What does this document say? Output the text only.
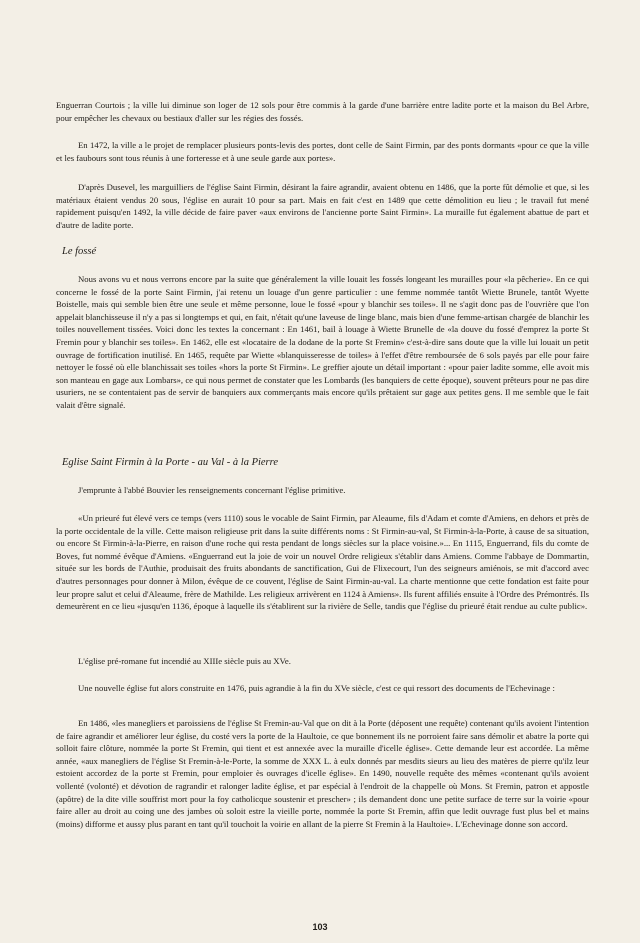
Enguerran Courtois ; la ville lui diminue son loger de 12 sols pour être commis à la garde d'une barrière entre ladite porte et la maison du Bel Arbre, pour empêcher les chevaux ou bestiaux d'aller sur les régies des fossés.

En 1472, la ville a le projet de remplacer plusieurs ponts-levis des portes, dont celle de Saint Firmin, par des ponts dormants «pour ce que la ville et les faubours sont tous réunis à une forteresse et à une seule garde aux portes».

D'après Dusevel, les marguilliers de l'église Saint Firmin, désirant la faire agrandir, avaient obtenu en 1486, que la porte fût démolie et que, si les matériaux étaient vendus 20 sous, l'église en aurait 10 pour sa part. Mais en fait c'est en 1489 que cette démolition eu lieu ; le travail fut mené rapidement puisqu'en 1492, la ville décide de faire paver «aux environs de l'ancienne porte Saint Firmin». La muraille fut également abattue de part et d'autre de ladite porte.

Le fossé

Nous avons vu et nous verrons encore par la suite que généralement la ville louait les fossés longeant les murailles pour «la pêcherie». En ce qui concerne le fossé de la porte Saint Firmin, j'ai retenu un louage d'un genre particulier : une femme nommée tantôt Wiette Brunele, tantôt Wyette Boistelle, mais qui semble bien être une seule et même personne, loue le fossé «pour y blanchir ses toiles». Il ne s'agit donc pas de l'ouvrière que l'on appelait blanchisseuse il n'y a pas si longtemps et qui, en fait, n'était qu'une laveuse de linge blanc, mais bien d'une femme-artisan chargée de blanchir les toiles nouvellement tissées. Voici donc les textes la concernant : En 1461, bail à louage à Wiette Brunelle de «la douve du fossé d'emprez la porte St Fremin pour y blanchir ses toiles». En 1462, elle est «locataire de la dodane de la porte St Fremin» c'est-à-dire sans doute que la ville lui louait un petit ouvrage de fortification inutilisé. En 1465, requête par Wiette «blanquisseresse de toiles» à l'effet d'être remboursée de 6 sols payés par elle pour faire nettoyer le fossé où elle blanchissait ses toiles «hors la porte St Firmin». Le greffier ajoute un détail important : «pour paier ladite somme, elle avoit mis son manteau en gage aux Lombars», ce qui nous permet de constater que les Lombards (les banquiers de cette époque), souvent prêteurs pour ne pas dire usuriers, ne se contentaient pas de servir de banquiers aux commerçants mais encore qu'ils prêtaient sur gage aux petites gens. Il me semble que le fait valait d'être signalé.

Eglise Saint Firmin à la Porte - au Val - à la Pierre

J'emprunte à l'abbé Bouvier les renseignements concernant l'église primitive.

«Un prieuré fut élevé vers ce temps (vers 1110) sous le vocable de Saint Firmin, par Aleaume, fils d'Adam et comte d'Amiens, en dehors et près de la porte occidentale de la ville. Cette maison religieuse prit dans la suite différents noms : St Firmin-au-val, St Firmin-à-la-Porte, à cause de sa situation, ou encore St Firmin-à-la-Pierre, en raison d'une roche qui resta pendant de longs siècles sur la place voisine.»... En 1115, Enguerrand, fils du comte de Boves, fut nommé évêque d'Amiens. «Enguerrand eut la joie de voir un nouvel Ordre religieux s'établir dans Amiens. Comme l'abbaye de Dommartin, située sur les bords de l'Authie, produisait des fruits abondants de sanctification, Gui de Flixecourt, l'un des seigneurs amiénois, se mit d'accord avec d'autres personnages pour donner à Milon, évêque de ce couvent, l'église de Saint Firmin-au-val. La charte mentionne que cette fondation est faite pour leur propre salut et celui d'Aleaume, frère de Mathilde. Les religieux arrivèrent en 1124 à Amiens». Ils furent affiliés ensuite à l'Ordre des Prémontrés. Ils demeurèrent en ce lieu «jusqu'en 1136, époque à laquelle ils s'établirent sur la rivière de Selle, tandis que l'église du prieuré était rendue au culte public».

L'église pré-romane fut incendié au XIIIe siècle puis au XVe.

Une nouvelle église fut alors construite en 1476, puis agrandie à la fin du XVe siècle, c'est ce qui ressort des documents de l'Echevinage :

En 1486, «les manegliers et paroissiens de l'église St Fremin-au-Val que on dit à la Porte (déposent une requête) contenant qu'ils avoient l'intention de faire agrandir et améliorer leur église, du costé vers la porte de la Haultoie, ce que bonnement ils ne porroient faire sans démolir et abatre la porte qui solloit faire clôture, nommée la porte St Fremin, qui tient et est annexée avec la muraille d'icelle église». Cette demande leur est accordée. La même année, «aux manegliers de l'église St Fremin-à-le-Porte, la somme de XXX L. à eulx donnés par mesdits sieurs au lieu des matères de pierre qu'ilz leur estoient accordez de la porte st Fremin, pour emploier ès ouvrages d'icelle église». En 1490, nouvelle requête des mêmes «contenant qu'ils avoient vollenté (volonté) et dévotion de ragrandir et ralonger ladite église, et par espécial à l'endroit de la chappelle où Mons. St Fremin, patron et appostle (apôtre) de la dite ville souffrist mort pour la foy catholicque soustenir et prescher» ; ils demandent donc une petite surface de terre sur la voirie «pour faire aller au droit au coing une des jambes où soloit estre la vieille porte, nommée la porte St Fremin, affin que ledit ouvrage fust plus bel et mains (moins) difforme et aussy plus parant en tant qu'il touchoit la voirie en allant de la pierre St Fremin à la Haultoie». L'Echevinage donne son accord.

103
